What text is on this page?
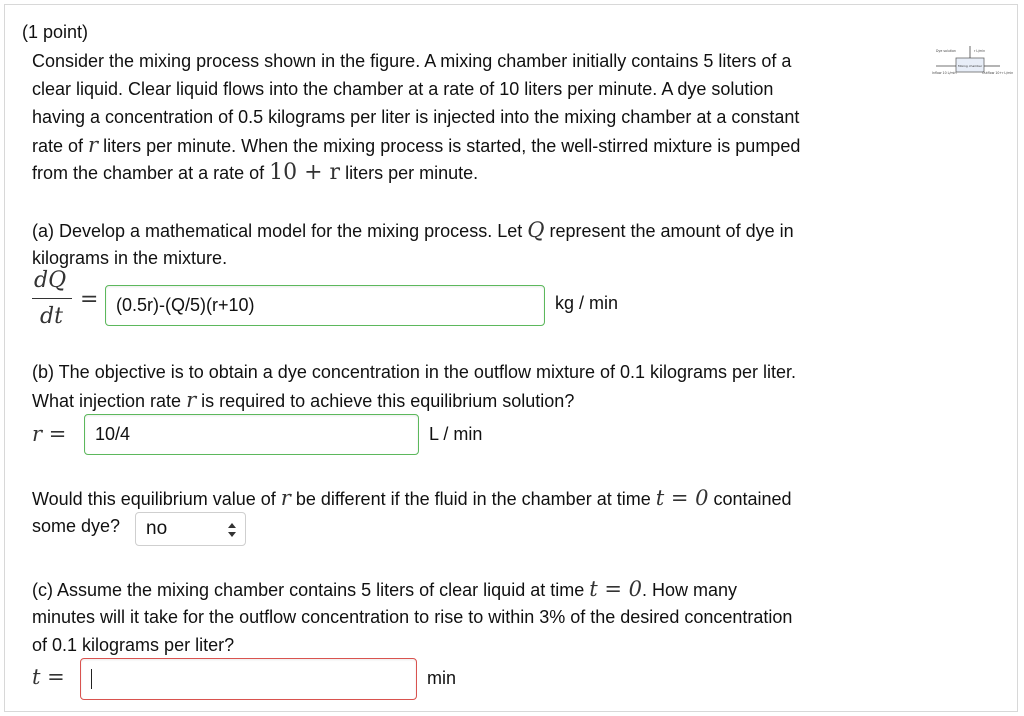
(1 point)
Consider the mixing process shown in the figure. A mixing chamber initially contains 5 liters of a
clear liquid. Clear liquid flows into the chamber at a rate of 10 liters per minute. A dye solution
having a concentration of 0.5 kilograms per liter is injected into the mixing chamber at a constant
rate of r liters per minute. When the mixing process is started, the well-stirred mixture is pumped
from the chamber at a rate of 10 + r liters per minute.
Dye solution	r L/min
Inflow 10 L/min
Mixing chamber
Outflow 10+r L/min
(a) Develop a mathematical model for the mixing process. Let Q represent the amount of dye in
kilograms in the mixture.
dQ
dt
= (0.5r)-(Q/5)(r+10)	kg / min
(b) The objective is to obtain a dye concentration in the outflow mixture of 0.1 kilograms per liter.
What injection rate r is required to achieve this equilibrium solution?
r = 10/4	L / min
Would this equilibrium value of r be different if the fluid in the chamber at time t = 0 contained
some dye? no
(c) Assume the mixing chamber contains 5 liters of clear liquid at time t = 0. How many
minutes will it take for the outflow concentration to rise to within 3% of the desired concentration
of 0.1 kilograms per liter?
t =	min
